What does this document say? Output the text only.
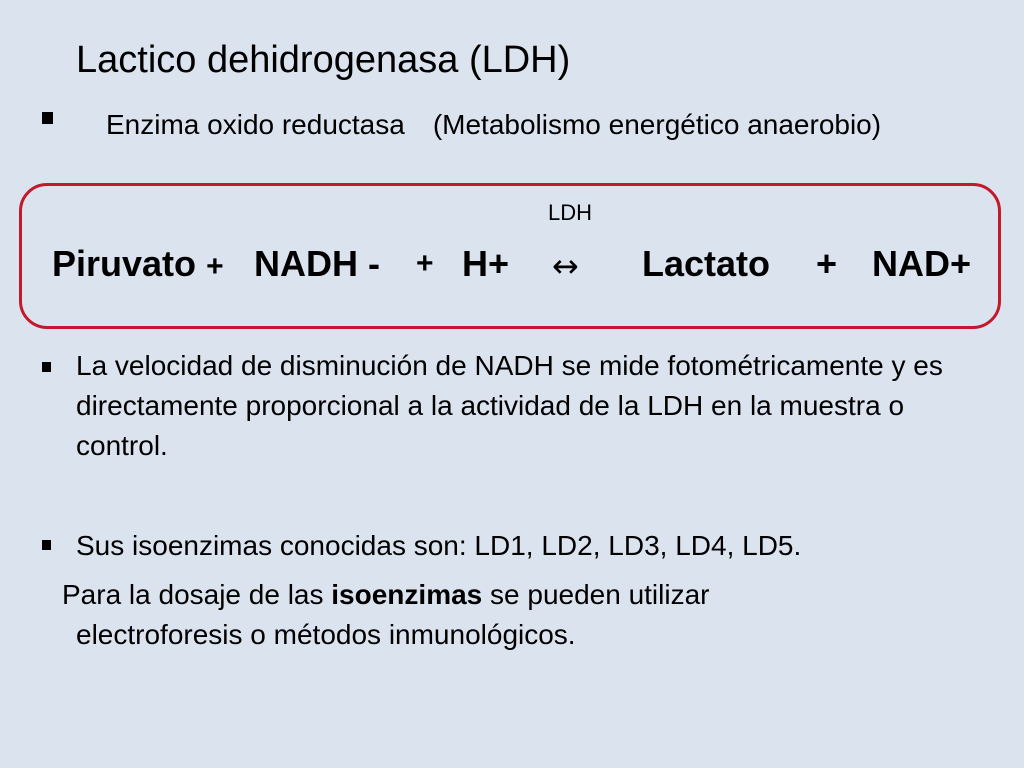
Lactico dehidrogenasa (LDH)
Enzima oxido reductasa (Metabolismo energético anaerobio)
LDH
Piruvato + NADH - + H+ ↔ Lactato + NAD+
La velocidad de disminución de NADH se mide fotométricamente y es directamente proporcional a la actividad de la LDH en la muestra o control.
Sus isoenzimas conocidas son: LD1, LD2, LD3, LD4, LD5.
Para la dosaje de las isoenzimas se pueden utilizar
electroforesis o métodos inmunológicos.
